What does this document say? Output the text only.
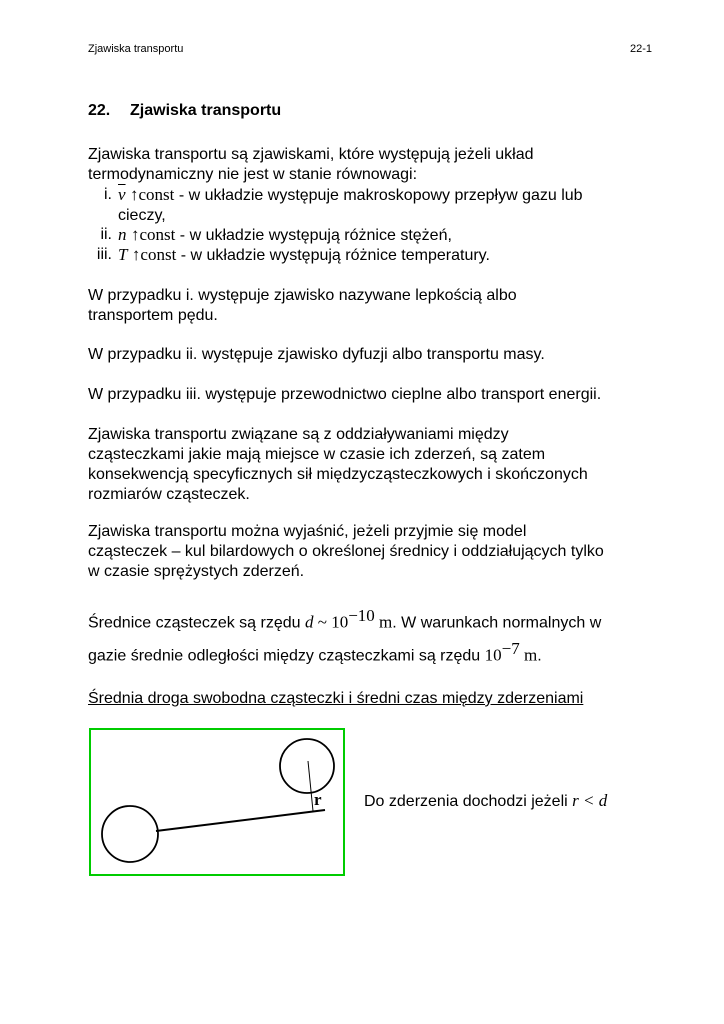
Zjawiska transportu	22-1
22. Zjawiska transportu
Zjawiska transportu są zjawiskami, które występują jeżeli układ
termodynamiczny nie jest w stanie równowagi:
i. $\overline{v}$ ↑const - w układzie występuje makroskopowy przepływ gazu lub
cieczy,
ii. n ↑const - w układzie występują różnice stężeń,
iii. T ↑const - w układzie występują różnice temperatury.
W przypadku i. występuje zjawisko nazywane lepkością albo
transportem pędu.
W przypadku ii. występuje zjawisko dyfuzji albo transportu masy.
W przypadku iii. występuje przewodnictwo cieplne albo transport energii.
Zjawiska transportu związane są z oddziaływaniami między
cząsteczkami jakie mają miejsce w czasie ich zderzeń, są zatem
konsekwencją specyficznych sił międzycząsteczkowych i skończonych
rozmiarów cząsteczek.
Zjawiska transportu można wyjaśnić, jeżeli przyjmie się model
cząsteczek – kul bilardowych o określonej średnicy i oddziałujących tylko
w czasie sprężystych zderzeń.
Średnice cząsteczek są rzędu d ~ $10^{-10}$ m. W warunkach normalnych w
gazie średnie odległości między cząsteczkami są rzędu $10^{-7}$ m.
Średnia droga swobodna cząsteczki i średni czas między zderzeniami
r	Do zderzenia dochodzi jeżeli r < d
